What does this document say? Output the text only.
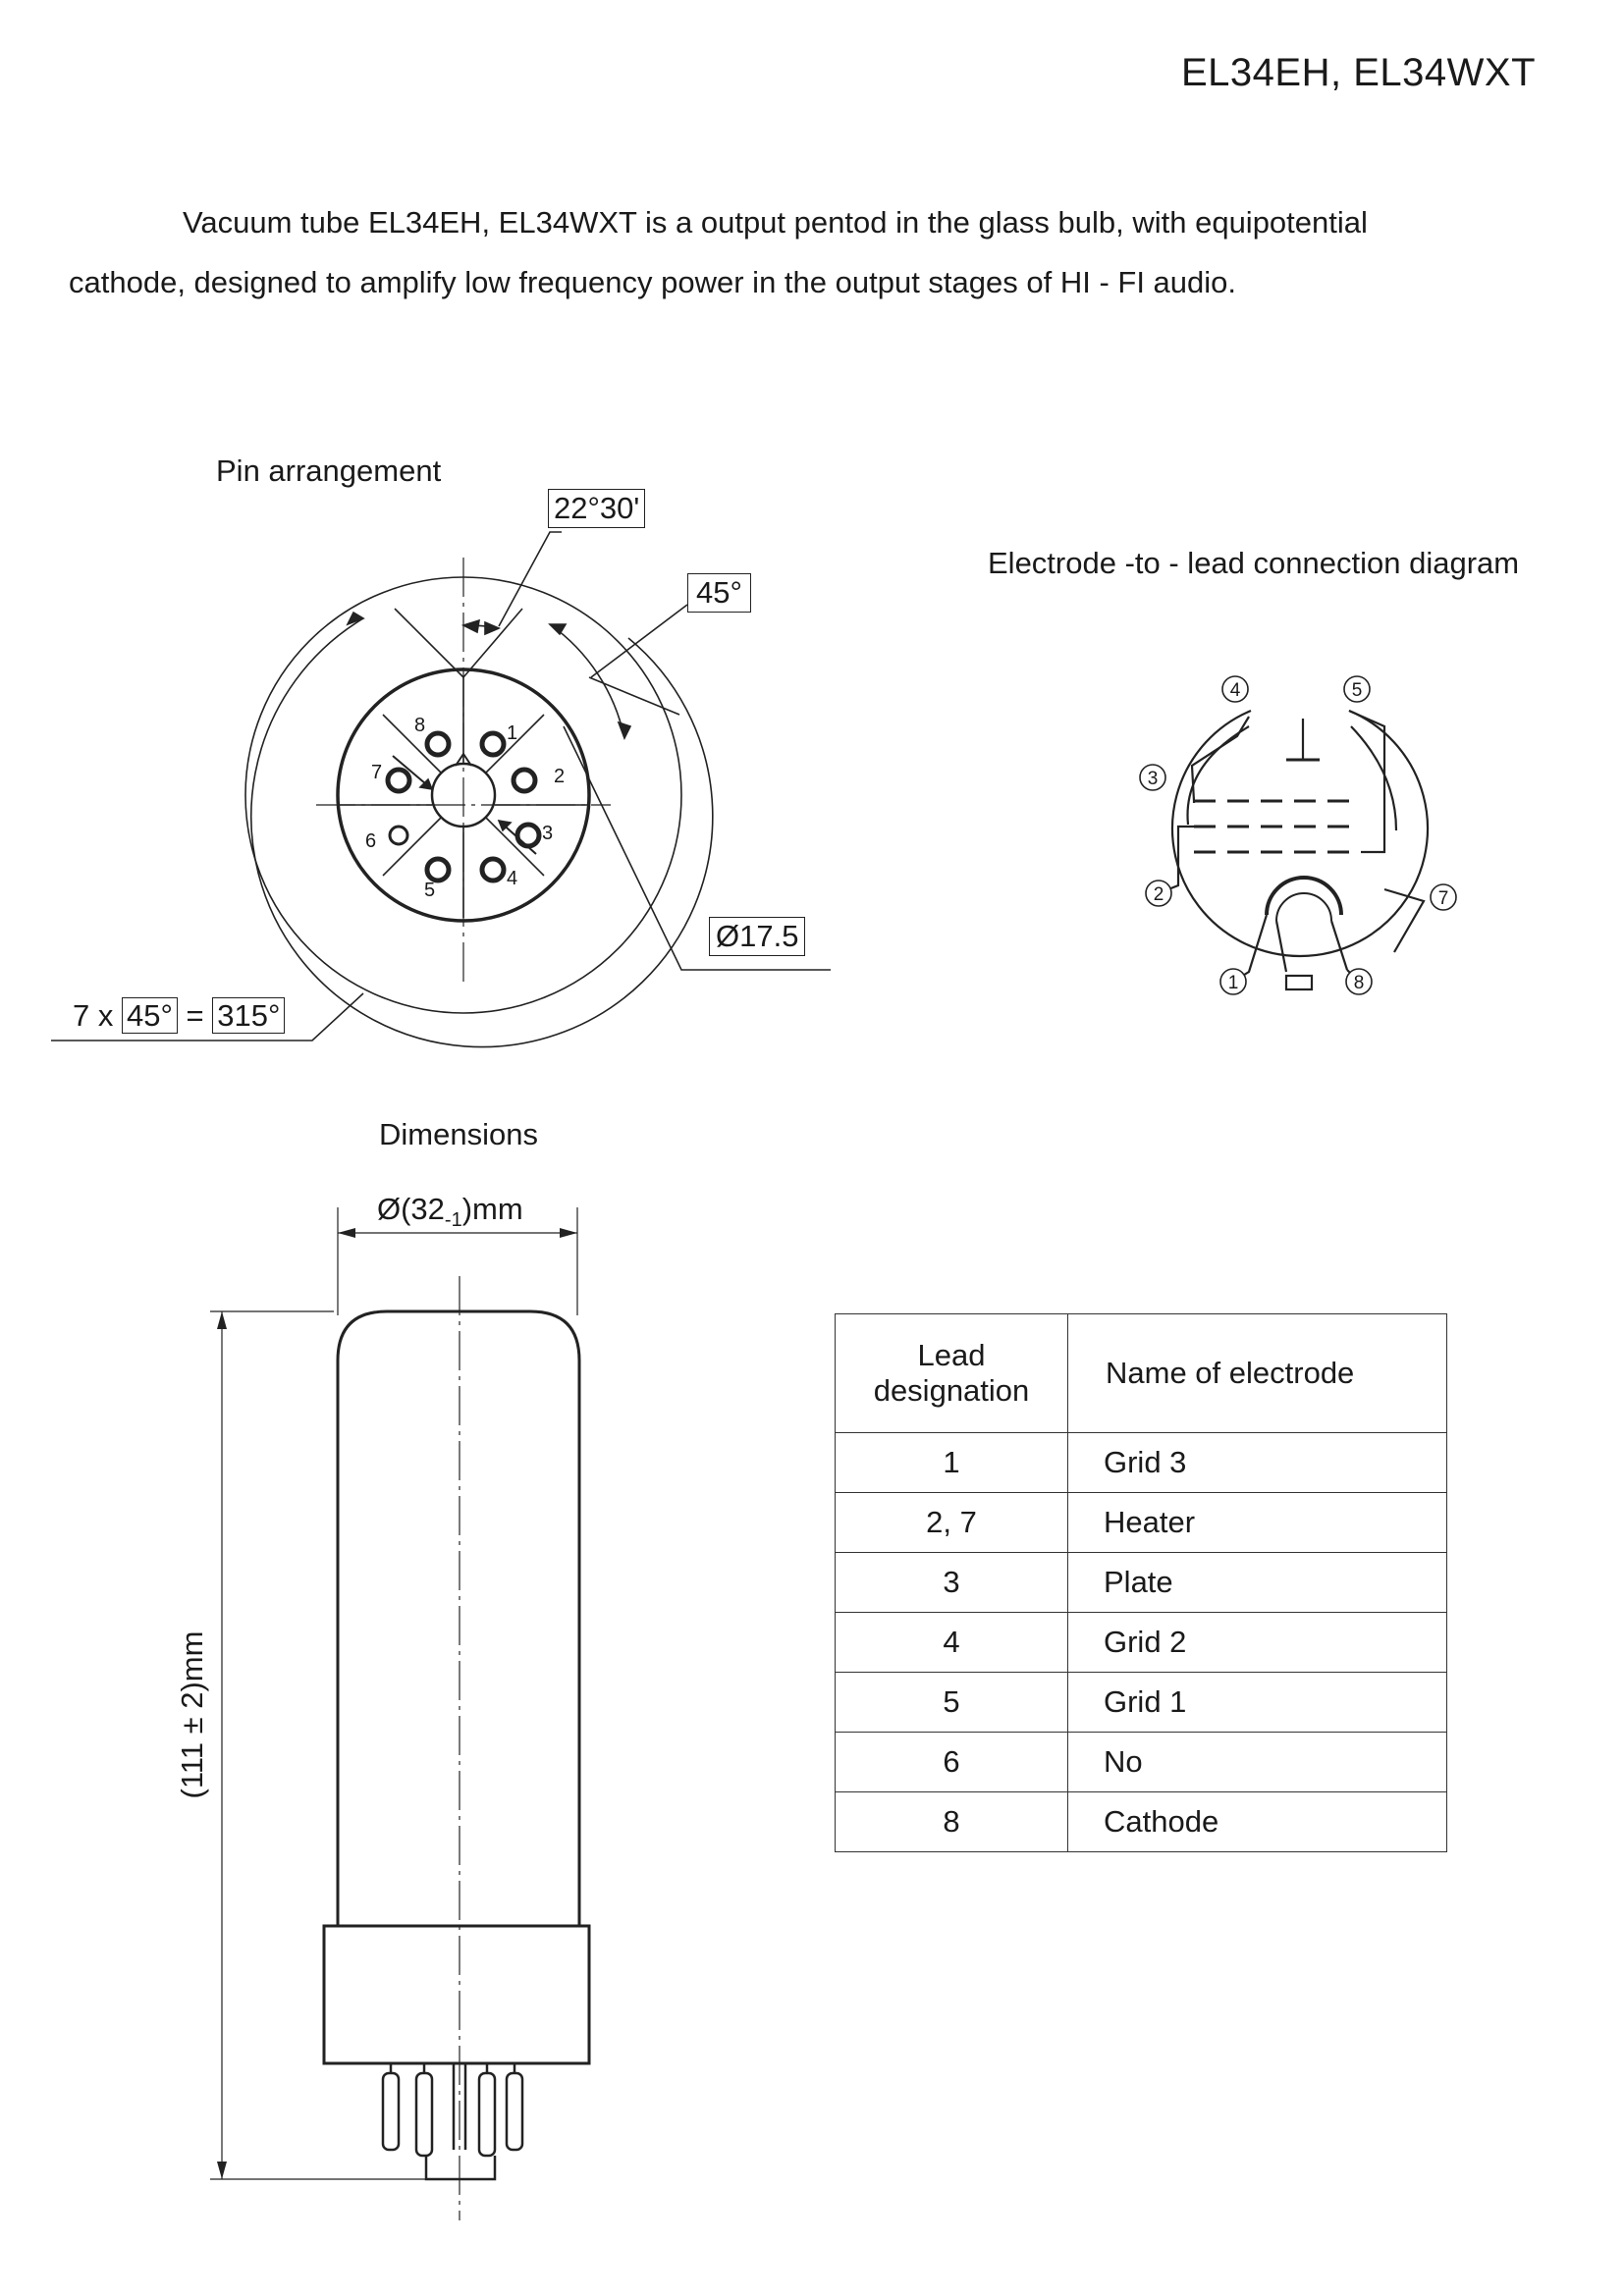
EL34EH, EL34WXT

Vacuum tube EL34EH, EL34WXT is a output pentod in the glass bulb, with equipotential
cathode, designed to amplify low frequency power in the output stages of HI - FI audio.

Pin arrangement
1
2
3
4
5
6
7
8
22°30'
45°
Ø17.5
7 x 45° = 315°
Electrode -to - lead connection diagram
1
2
3
4	5
7
8
Dimensions
$Ø(32_{-1})mm$
(111 ± 2)mm
Lead
designation	Name of electrode
1	Grid 3
2, 7	Heater
3	Plate
4	Grid 2
5	Grid 1
6	No
8	Cathode
